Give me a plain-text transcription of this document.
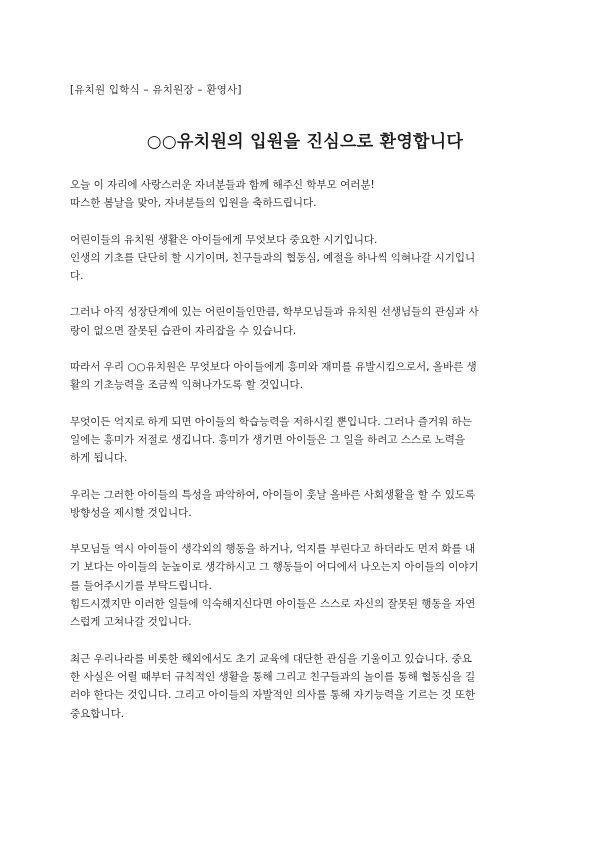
[유치원 입학식 – 유치원장 – 환영사]

○○유치원의 입원을 진심으로 환영합니다

오늘 이 자리에 사랑스러운 자녀분들과 함께 해주신 학부모 여러분!
따스한 봄날을 맞아, 자녀분들의 입원을 축하드립니다.

어린이들의 유치원 생활은 아이들에게 무엇보다 중요한 시기입니다.
인생의 기초를 단단히 할 시기이며, 친구들과의 협동심, 예절을 하나씩 익혀나갈 시기입니
다.

그러나 아직 성장단계에 있는 어린이들인만큼, 학부모님들과 유치원 선생님들의 관심과 사
랑이 없으면 잘못된 습관이 자리잡을 수 있습니다.

따라서 우리 ○○유치원은 무엇보다 아이들에게 흥미와 재미를 유발시킴으로서, 올바른 생
활의 기초능력을 조금씩 익혀나가도록 할 것입니다.

무엇이든 억지로 하게 되면 아이들의 학습능력을 저하시킬 뿐입니다. 그러나 즐거워 하는
일에는 흥미가 저절로 생깁니다. 흥미가 생기면 아이들은 그 일을 하려고 스스로 노력을
하게 됩니다.

우리는 그러한 아이들의 특성을 파악하여, 아이들이 훗날 올바른 사회생활을 할 수 있도록
방향성을 제시할 것입니다.

부모님들 역시 아이들이 생각외의 행동을 하거나, 억지를 부린다고 하더라도 먼저 화를 내
기 보다는 아이들의 눈높이로 생각하시고 그 행동들이 어디에서 나오는지 아이들의 이야기
를 들어주시기를 부탁드립니다.

힘드시겠지만 이러한 일들에 익숙해지신다면 아이들은 스스로 자신의 잘못된 행동을 자연
스럽게 고쳐나갈 것입니다.

최근 우리나라를 비롯한 해외에서도 초기 교육에 대단한 관심을 기울이고 있습니다. 중요
한 사실은 어릴 때부터 규칙적인 생활을 통해 그리고 친구들과의 놀이를 통해 협동심을 길
러야 한다는 것입니다. 그리고 아이들의 자발적인 의사를 통해 자기능력을 기르는 것 또한
중요합니다.
